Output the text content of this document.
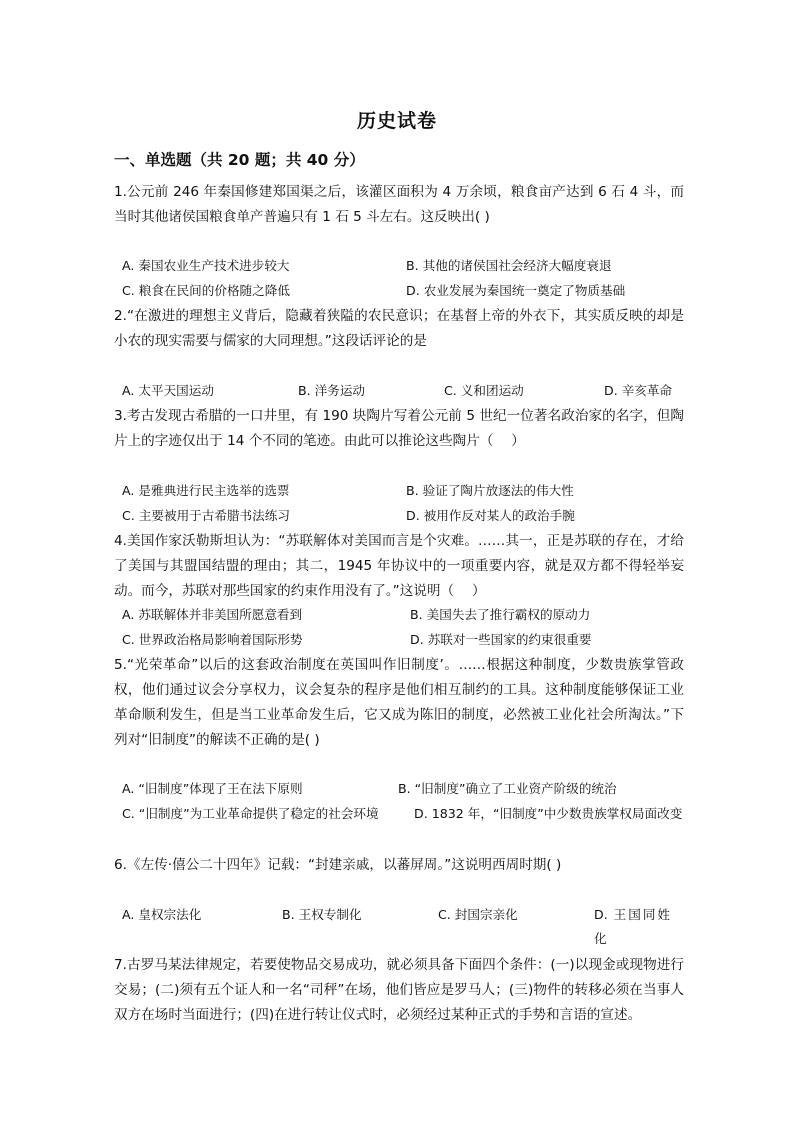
历史试卷
一、单选题（共 20 题；共 40 分）
1.公元前 246 年秦国修建郑国渠之后，该灌区面积为 4 万余顷，粮食亩产达到 6 石 4 斗，而当时其他诸侯国粮食单产普遍只有 1 石 5 斗左右。这反映出( )
A. 秦国农业生产技术进步较大	B. 其他的诸侯国社会经济大幅度衰退
C. 粮食在民间的价格随之降低	D. 农业发展为秦国统一奠定了物质基础
2.“在激进的理想主义背后，隐藏着狭隘的农民意识；在基督上帝的外衣下，其实质反映的却是小农的现实需要与儒家的大同理想。”这段话评论的是
A. 太平天国运动	B. 洋务运动	C. 义和团运动	D. 辛亥革命
3.考古发现古希腊的一口井里，有 190 块陶片写着公元前 5 世纪一位著名政治家的名字，但陶片上的字迹仅出于 14 个不同的笔迹。由此可以推论这些陶片（　 ）
A. 是雅典进行民主选举的选票	B. 验证了陶片放逐法的伟大性
C. 主要被用于古希腊书法练习	D. 被用作反对某人的政治手腕
4.美国作家沃勒斯坦认为：“苏联解体对美国而言是个灾难。……其一，正是苏联的存在，才给了美国与其盟国结盟的理由；其二，1945 年协议中的一项重要内容，就是双方都不得轻举妄动。而今，苏联对那些国家的约束作用没有了。”这说明（　 ）
A. 苏联解体并非美国所愿意看到	B. 美国失去了推行霸权的原动力
C. 世界政治格局影响着国际形势	D. 苏联对一些国家的约束很重要
5.“光荣革命”以后的这套政治制度在英国叫作旧制度’。……根据这种制度，少数贵族掌管政权，他们通过议会分享权力，议会复杂的程序是他们相互制约的工具。这种制度能够保证工业革命顺利发生，但是当工业革命发生后，它又成为陈旧的制度，必然被工业化社会所淘汰。”下列对“旧制度”的解读不正确的是( )
A. “旧制度”体现了王在法下原则	B. “旧制度”确立了工业资产阶级的统治
C. “旧制度”为工业革命提供了稳定的社会环境	D. 1832 年，“旧制度”中少数贵族掌权局面改变
6.《左传·僖公二十四年》记载：“封建亲戚，以蕃屏周。”这说明西周时期( )
A. 皇权宗法化	B. 王权专制化	C. 封国宗亲化	D. 王国同姓化
7.古罗马某法律规定，若要使物品交易成功，就必须具备下面四个条件：(一)以现金或现物进行交易；(二)须有五个证人和一名“司秤”在场，他们皆应是罗马人；(三)物件的转移必须在当事人双方在场时当面进行；(四)在进行转让仪式时，必须经过某种正式的手势和言语的宣述。
